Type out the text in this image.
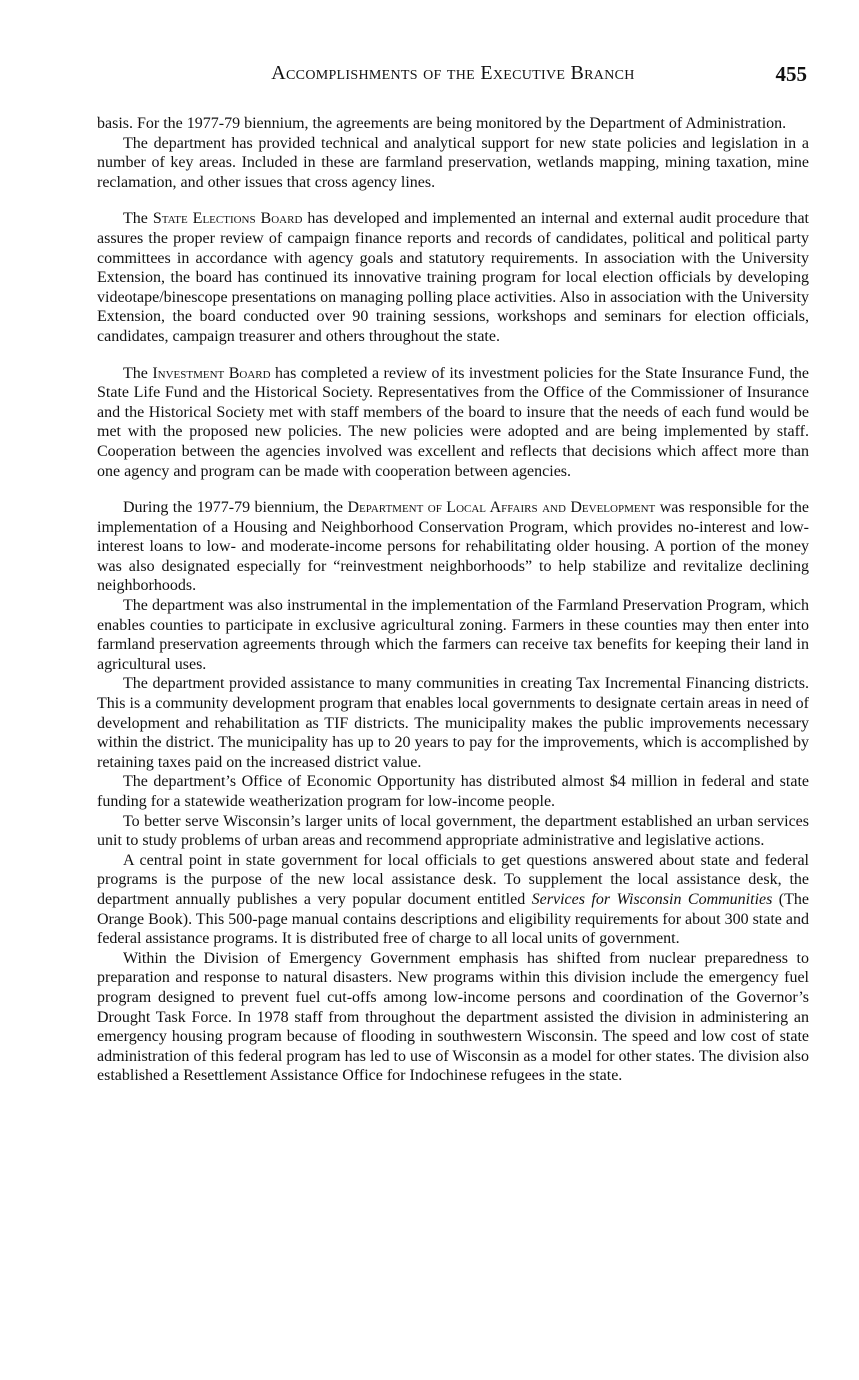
Accomplishments of the Executive Branch	455

basis. For the 1977-79 biennium, the agreements are being monitored by the Department of Administration.

The department has provided technical and analytical support for new state policies and legislation in a number of key areas. Included in these are farmland preservation, wetlands mapping, mining taxation, mine reclamation, and other issues that cross agency lines.

The State Elections Board has developed and implemented an internal and external audit procedure that assures the proper review of campaign finance reports and records of candidates, political and political party committees in accordance with agency goals and statutory requirements. In association with the University Extension, the board has continued its innovative training program for local election officials by developing videotape/binescope presentations on managing polling place activities. Also in association with the University Extension, the board conducted over 90 training sessions, workshops and seminars for election officials, candidates, campaign treasurer and others throughout the state.

The Investment Board has completed a review of its investment policies for the State Insurance Fund, the State Life Fund and the Historical Society. Representatives from the Office of the Commissioner of Insurance and the Historical Society met with staff members of the board to insure that the needs of each fund would be met with the proposed new policies. The new policies were adopted and are being implemented by staff. Cooperation between the agencies involved was excellent and reflects that decisions which affect more than one agency and program can be made with cooperation between agencies.

During the 1977-79 biennium, the Department of Local Affairs and Development was responsible for the implementation of a Housing and Neighborhood Conservation Program, which provides no-interest and low-interest loans to low- and moderate-income persons for rehabilitating older housing. A portion of the money was also designated especially for “reinvestment neighborhoods” to help stabilize and revitalize declining neighborhoods.

The department was also instrumental in the implementation of the Farmland Preservation Program, which enables counties to participate in exclusive agricultural zoning. Farmers in these counties may then enter into farmland preservation agreements through which the farmers can receive tax benefits for keeping their land in agricultural uses.

The department provided assistance to many communities in creating Tax Incremental Financing districts. This is a community development program that enables local governments to designate certain areas in need of development and rehabilitation as TIF districts. The municipality makes the public improvements necessary within the district. The municipality has up to 20 years to pay for the improvements, which is accomplished by retaining taxes paid on the increased district value.

The department’s Office of Economic Opportunity has distributed almost $4 million in federal and state funding for a statewide weatherization program for low-income people.

To better serve Wisconsin’s larger units of local government, the department established an urban services unit to study problems of urban areas and recommend appropriate administrative and legislative actions.

A central point in state government for local officials to get questions answered about state and federal programs is the purpose of the new local assistance desk. To supplement the local assistance desk, the department annually publishes a very popular document entitled Services for Wisconsin Communities (The Orange Book). This 500-page manual contains descriptions and eligibility requirements for about 300 state and federal assistance programs. It is distributed free of charge to all local units of government.

Within the Division of Emergency Government emphasis has shifted from nuclear preparedness to preparation and response to natural disasters. New programs within this division include the emergency fuel program designed to prevent fuel cut-offs among low-income persons and coordination of the Governor’s Drought Task Force. In 1978 staff from throughout the department assisted the division in administering an emergency housing program because of flooding in southwestern Wisconsin. The speed and low cost of state administration of this federal program has led to use of Wisconsin as a model for other states. The division also established a Resettlement Assistance Office for Indochinese refugees in the state.
